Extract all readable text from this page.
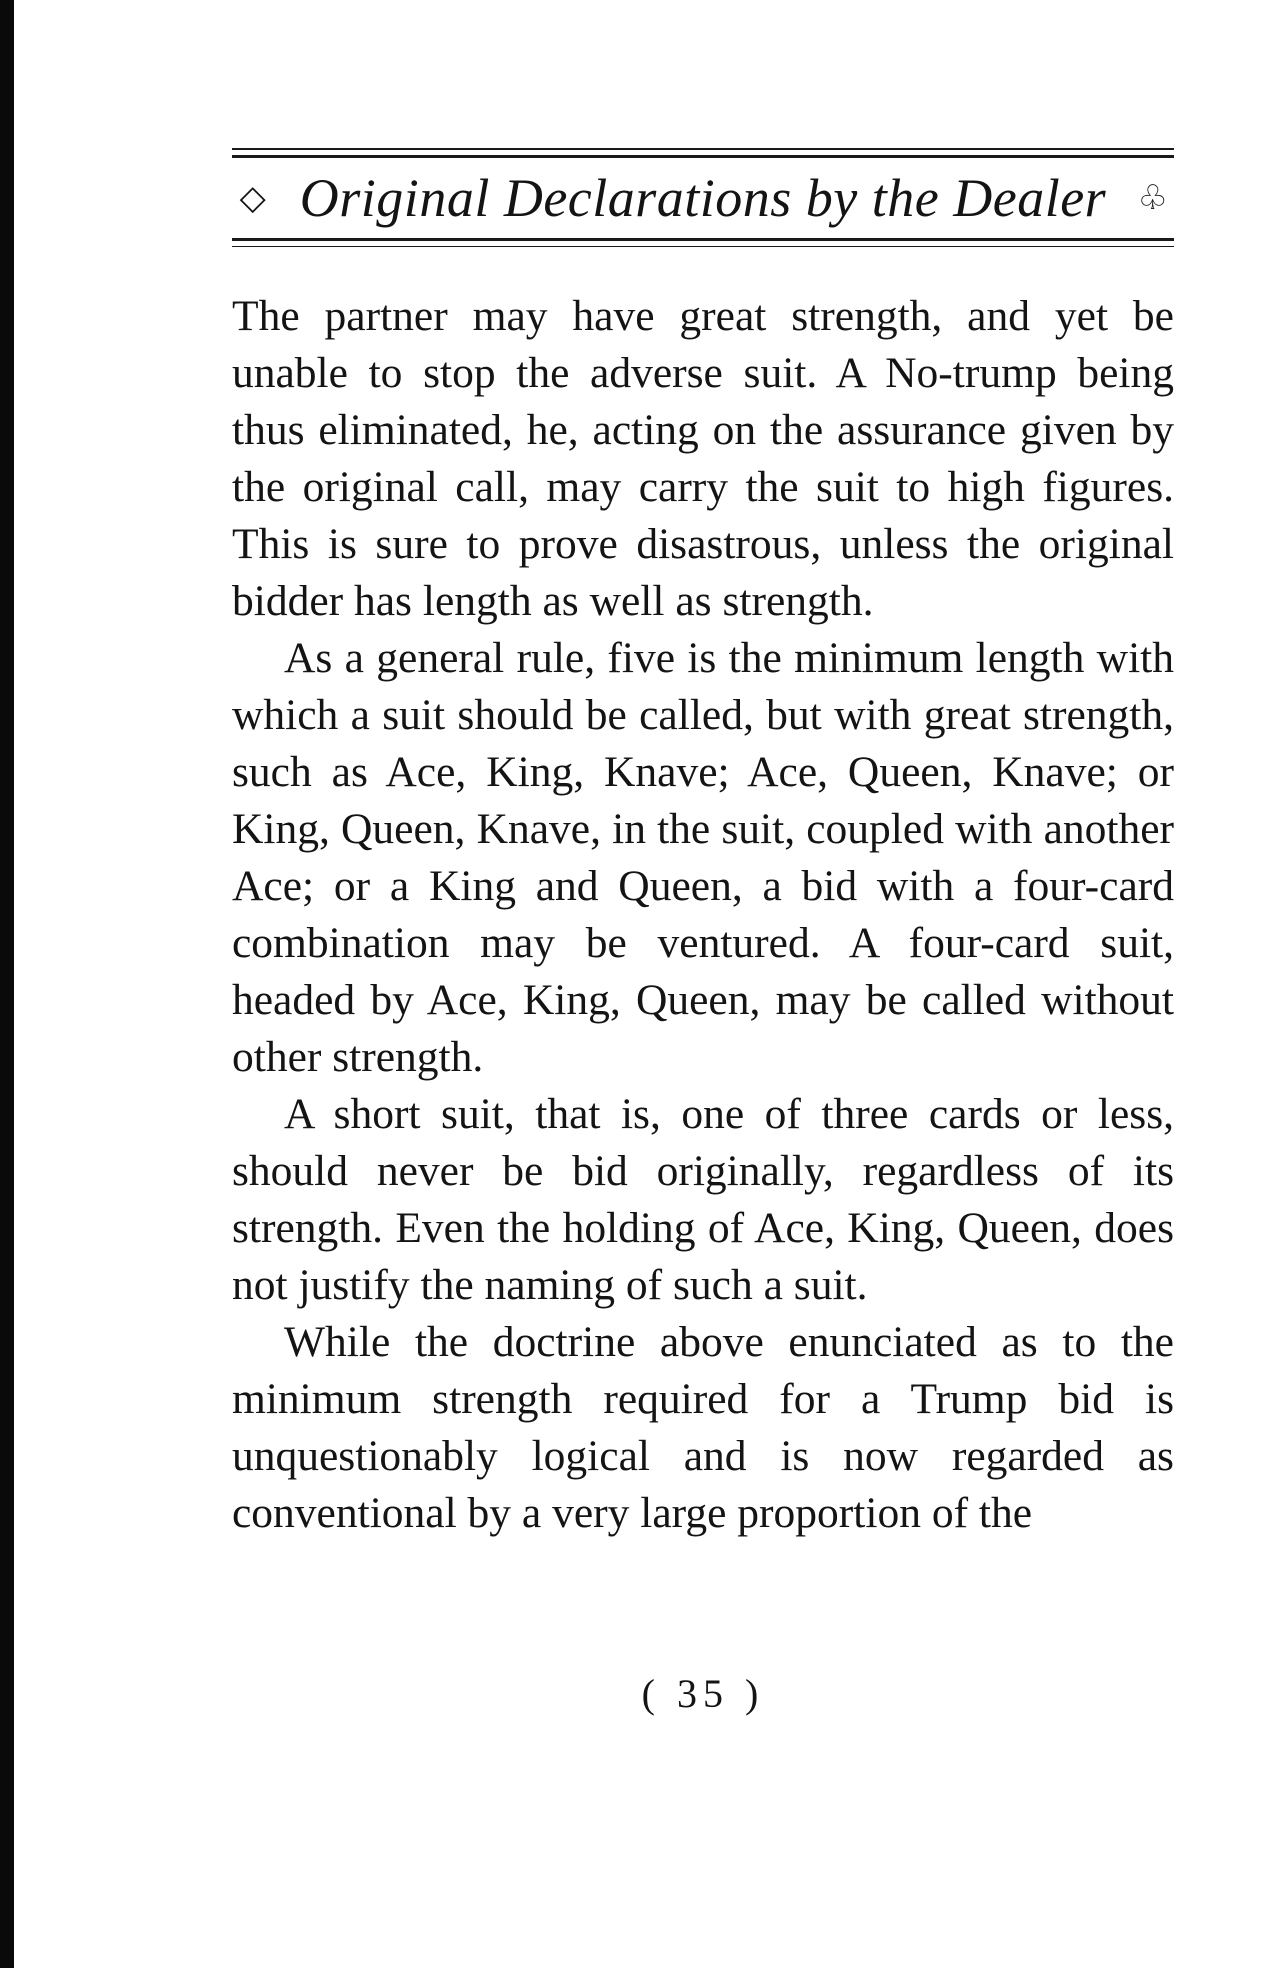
◇ Original Declarations by the Dealer ♧

The partner may have great strength, and yet be unable to stop the adverse suit. A No-trump being thus eliminated, he, acting on the assurance given by the original call, may carry the suit to high figures. This is sure to prove disastrous, unless the original bidder has length as well as strength.

As a general rule, five is the minimum length with which a suit should be called, but with great strength, such as Ace, King, Knave; Ace, Queen, Knave; or King, Queen, Knave, in the suit, coupled with another Ace; or a King and Queen, a bid with a four-card combination may be ventured. A four-card suit, headed by Ace, King, Queen, may be called without other strength.

A short suit, that is, one of three cards or less, should never be bid originally, regardless of its strength. Even the holding of Ace, King, Queen, does not justify the naming of such a suit.

While the doctrine above enunciated as to the minimum strength required for a Trump bid is unquestionably logical and is now regarded as conventional by a very large proportion of the

( 35 )
